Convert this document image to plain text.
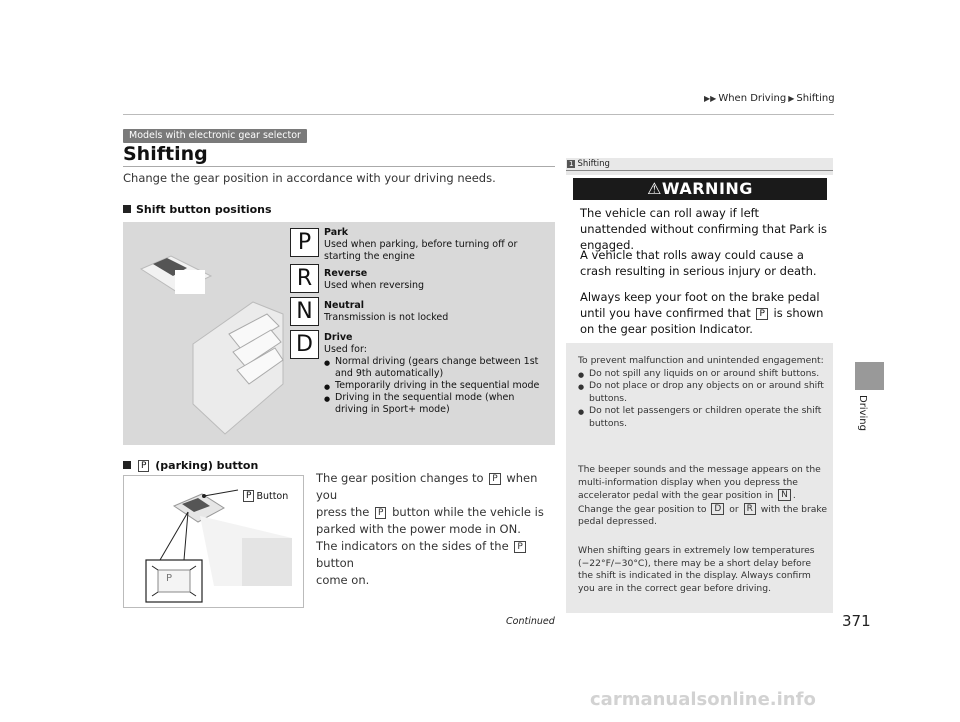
▶▶ When Driving ▶ Shifting
Models with electronic gear selector
Shifting
Change the gear position in accordance with your driving needs.
Shift button positions
P
R
N
D
Park
Used when parking, before turning off or starting the engine
Reverse
Used when reversing
Neutral
Transmission is not locked
Drive
Used for:
● Normal driving (gears change between 1st and 9th automatically)
● Temporarily driving in the sequential mode
● Driving in the sequential mode (when driving in Sport+ mode)
P (parking) button
P
P Button
The gear position changes to P when you
press the P button while the vehicle is
parked with the power mode in ON.
The indicators on the sides of the P button
come on.
1 Shifting
⚠WARNING
The vehicle can roll away if left unattended without confirming that Park is engaged.
A vehicle that rolls away could cause a crash resulting in serious injury or death.
Always keep your foot on the brake pedal until you have confirmed that P is shown on the gear position Indicator.
To prevent malfunction and unintended engagement:
● Do not spill any liquids on or around shift buttons.
● Do not place or drop any objects on or around shift buttons.
● Do not let passengers or children operate the shift buttons.
The beeper sounds and the message appears on the multi-information display when you depress the accelerator pedal with the gear position in N . Change the gear position to D or R with the brake pedal depressed.
When shifting gears in extremely low temperatures (−22°F/−30°C), there may be a short delay before the shift is indicated in the display. Always confirm you are in the correct gear before driving.
Driving
Continued	371
carmanualsonline.info
